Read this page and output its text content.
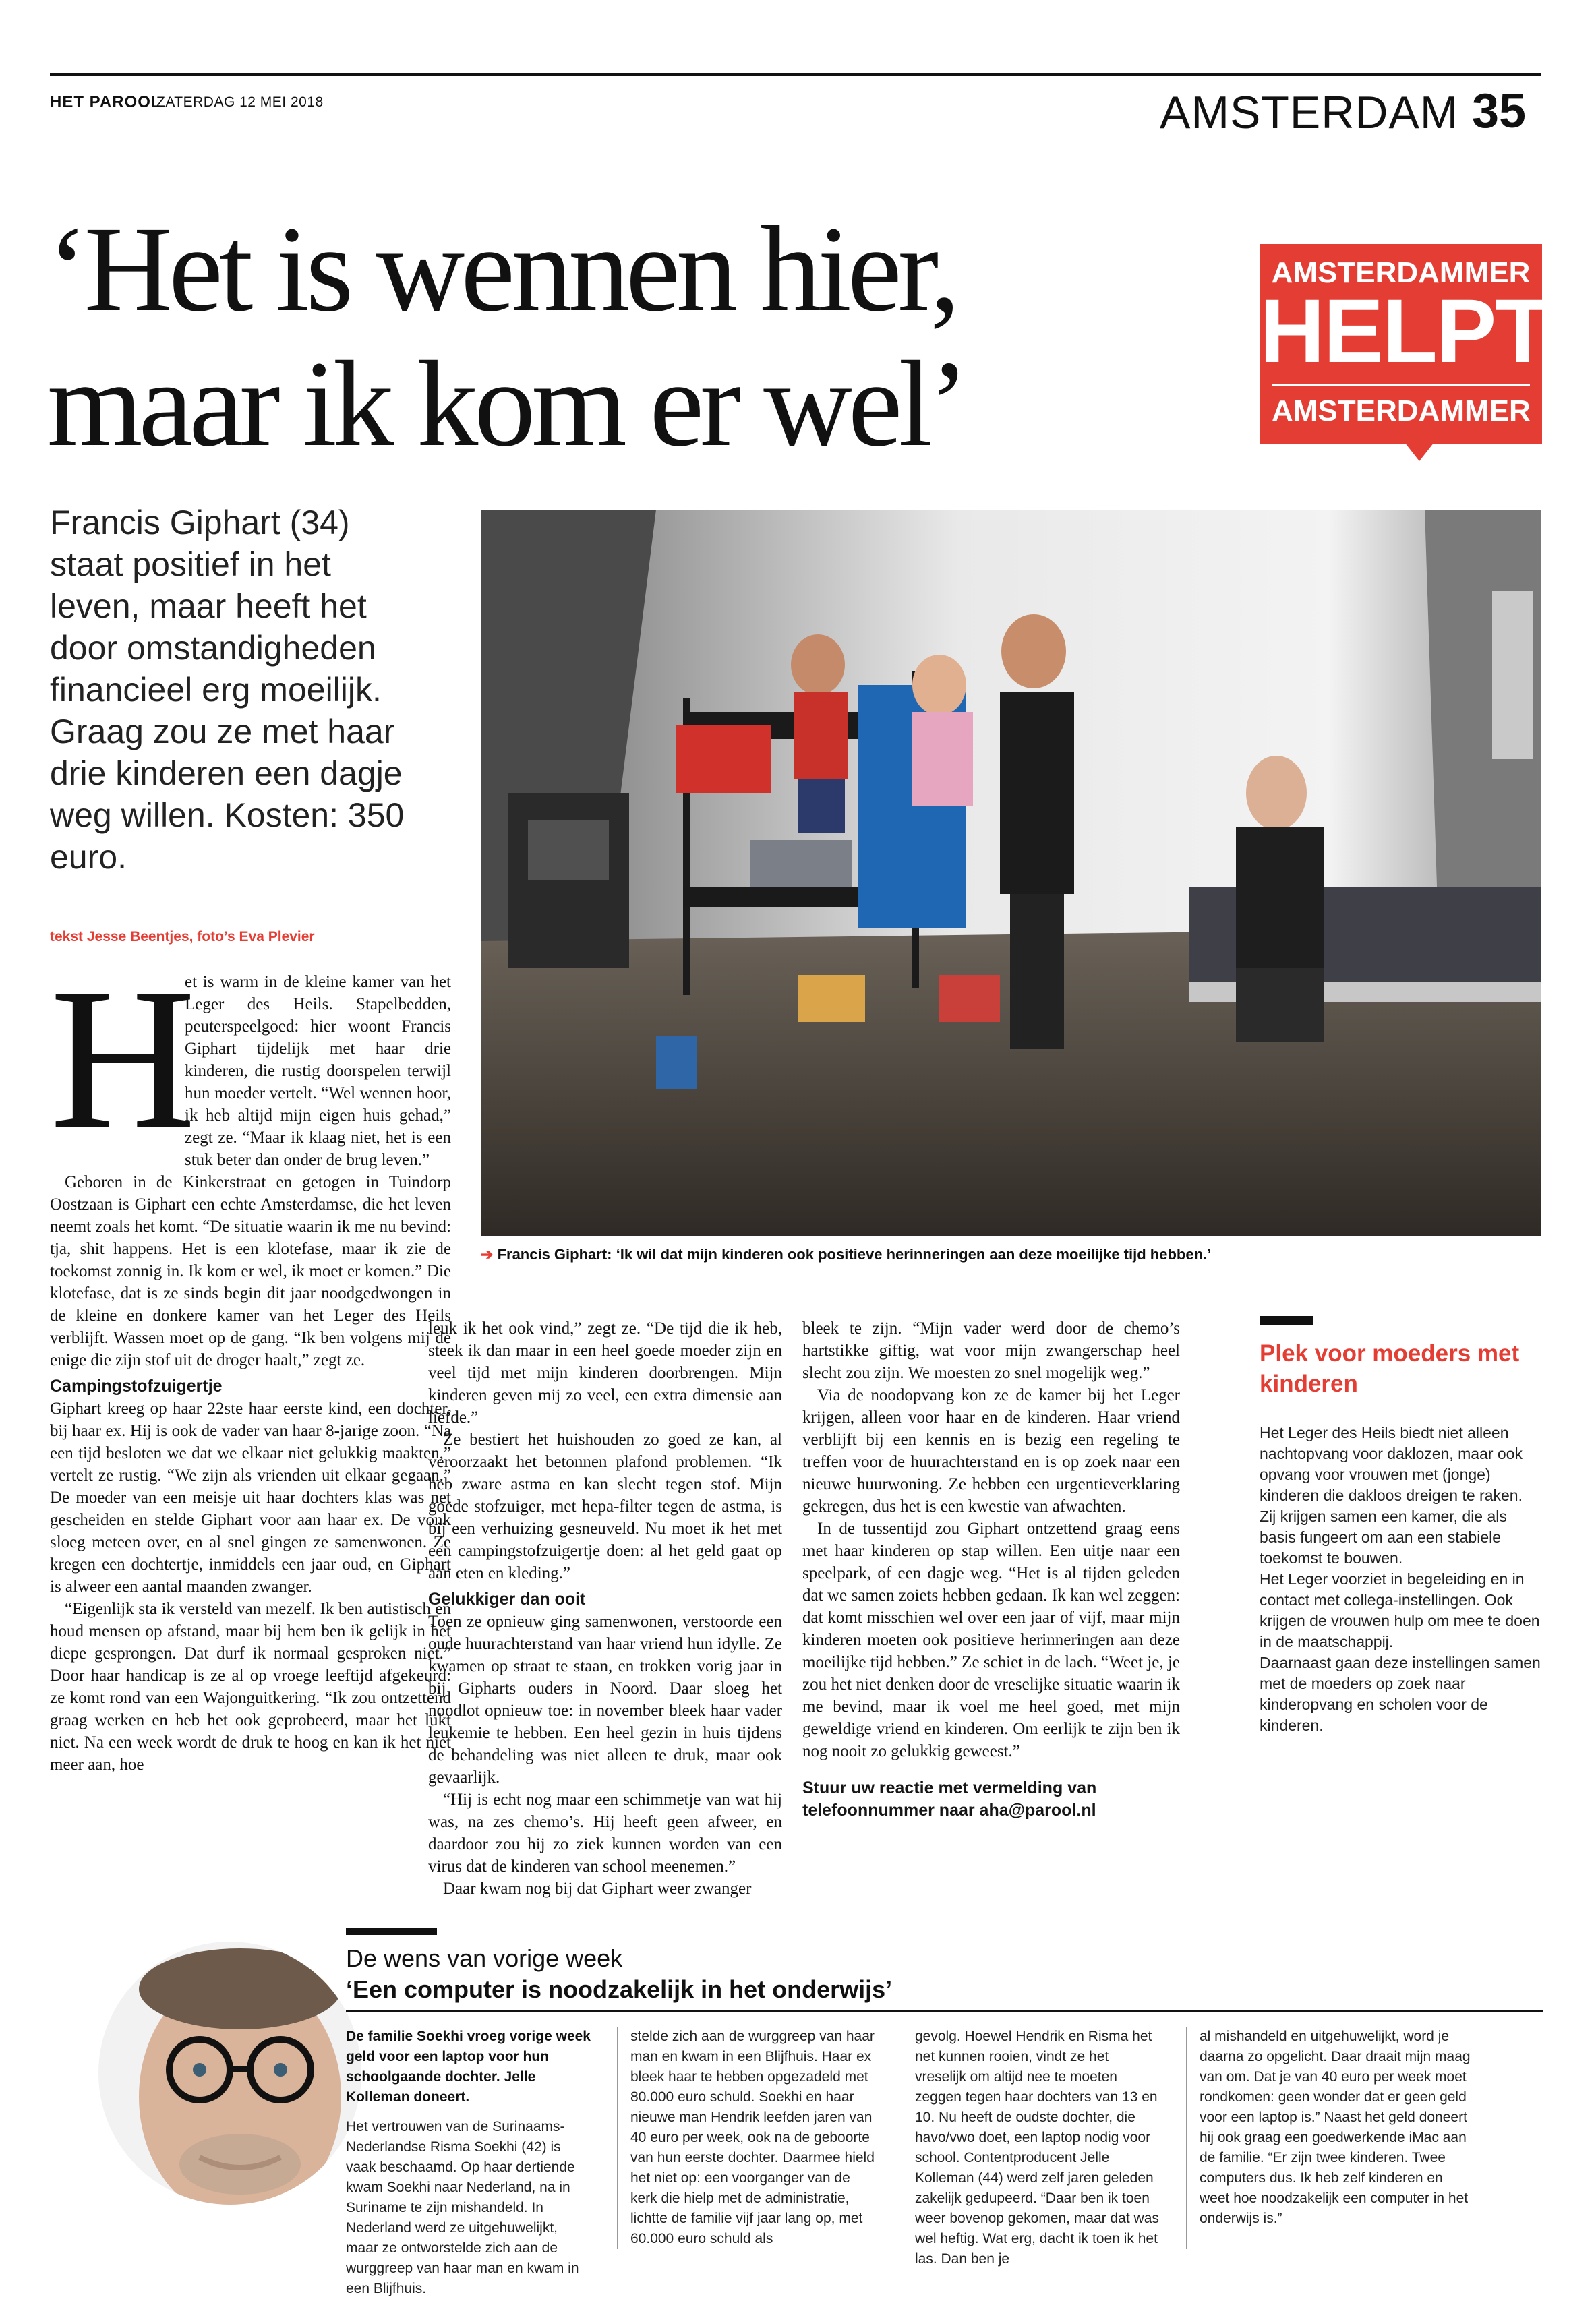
HET PAROOL
ZATERDAG 12 MEI 2018	AMSTERDAM 35
‘Het is wennen hier,
maar ik kom er wel’
AMSTERDAMMER
HELPT
AMSTERDAMMER
Francis Giphart (34) staat positief in het leven, maar heeft het door omstandigheden financieel erg moeilijk. Graag zou ze met haar drie kinderen een dagje weg willen. Kosten: 350 euro.
tekst Jesse Beentjes, foto’s Eva Plevier
H

et is warm in de kleine kamer van het Leger des Heils. Stapelbedden, peuterspeelgoed: hier woont Francis Giphart tijdelijk met haar drie kinderen, die rustig doorspelen terwijl hun moeder vertelt. “Wel wennen hoor, ik heb altijd mijn eigen huis gehad,” zegt ze. “Maar ik klaag niet, het is een stuk beter dan onder de brug leven.”

Geboren in de Kinkerstraat en getogen in Tuindorp Oostzaan is Giphart een echte Amsterdamse, die het leven neemt zoals het komt. “De situatie waarin ik me nu bevind: tja, shit happens. Het is een klotefase, maar ik zie de toekomst zonnig in. Ik kom er wel, ik moet er komen.” Die klotefase, dat is ze sinds begin dit jaar noodgedwongen in de kleine en donkere kamer van het Leger des Heils verblijft. Wassen moet op de gang. “Ik ben volgens mij de enige die zijn stof uit de droger haalt,” zegt ze.

Campingstofzuigertje

Giphart kreeg op haar 22ste haar eerste kind, een dochter, bij haar ex. Hij is ook de vader van haar 8-jarige zoon. “Na een tijd besloten we dat we elkaar niet gelukkig maakten,” vertelt ze rustig. “We zijn als vrienden uit elkaar gegaan.” De moeder van een meisje uit haar dochters klas was net gescheiden en stelde Giphart voor aan haar ex. De vonk sloeg meteen over, en al snel gingen ze samenwonen. Ze kregen een dochtertje, inmiddels een jaar oud, en Giphart is alweer een aantal maanden zwanger.

“Eigenlijk sta ik versteld van mezelf. Ik ben autistisch en houd mensen op afstand, maar bij hem ben ik gelijk in het diepe gesprongen. Dat durf ik normaal gesproken niet.” Door haar handicap is ze al op vroege leeftijd afgekeurd: ze komt rond van een Wajonguitkering. “Ik zou ontzettend graag werken en heb het ook geprobeerd, maar het lukt niet. Na een week wordt de druk te hoog en kan ik het niet meer aan, hoe

➔ Francis Giphart: ‘Ik wil dat mijn kinderen ook positieve herinneringen aan deze moeilijke tijd hebben.’

leuk ik het ook vind,” zegt ze. “De tijd die ik heb, steek ik dan maar in een heel goede moeder zijn en veel tijd met mijn kinderen doorbrengen. Mijn kinderen geven mij zo veel, een extra dimensie aan liefde.”

Ze bestiert het huishouden zo goed ze kan, al veroorzaakt het betonnen plafond problemen. “Ik heb zware astma en kan slecht tegen stof. Mijn goede stofzuiger, met hepa-filter tegen de astma, is bij een verhuizing gesneuveld. Nu moet ik het met een campingstofzuigertje doen: al het geld gaat op aan eten en kleding.”

Gelukkiger dan ooit

Toen ze opnieuw ging samenwonen, verstoorde een oude huurachterstand van haar vriend hun idylle. Ze kwamen op straat te staan, en trokken vorig jaar in bij Gipharts ouders in Noord. Daar sloeg het noodlot opnieuw toe: in november bleek haar vader leukemie te hebben. Een heel gezin in huis tijdens de behandeling was niet alleen te druk, maar ook gevaarlijk.

“Hij is echt nog maar een schimmetje van wat hij was, na zes chemo’s. Hij heeft geen afweer, en daardoor zou hij zo ziek kunnen worden van een virus dat de kinderen van school meenemen.”

Daar kwam nog bij dat Giphart weer zwanger

bleek te zijn. “Mijn vader werd door de chemo’s hartstikke giftig, wat voor mijn zwangerschap heel slecht zou zijn. We moesten zo snel mogelijk weg.”

Via de noodopvang kon ze de kamer bij het Leger krijgen, alleen voor haar en de kinderen. Haar vriend verblijft bij een kennis en is bezig een regeling te treffen voor de huurachterstand en is op zoek naar een nieuwe huurwoning. Ze hebben een urgentieverklaring gekregen, dus het is een kwestie van afwachten.

In de tussentijd zou Giphart ontzettend graag eens met haar kinderen op stap willen. Een uitje naar een speelpark, of een dagje weg. “Het is al tijden geleden dat we samen zoiets hebben gedaan. Ik kan wel zeggen: dat komt misschien wel over een jaar of vijf, maar mijn kinderen moeten ook positieve herinneringen aan deze moeilijke tijd hebben.” Ze schiet in de lach. “Weet je, je zou het niet denken door de vreselijke situatie waarin ik me bevind, maar ik voel me heel goed, met mijn geweldige vriend en kinderen. Om eerlijk te zijn ben ik nog nooit zo gelukkig geweest.”

Stuur uw reactie met vermelding van telefoonnummer naar aha@parool.nl

Plek voor moeders met kinderen

Het Leger des Heils biedt niet alleen nachtopvang voor daklozen, maar ook opvang voor vrouwen met (jonge) kinderen die dakloos dreigen te raken. Zij krijgen samen een kamer, die als basis fungeert om aan een stabiele toekomst te bouwen.

Het Leger voorziet in begeleiding en in contact met collega-instellingen. Ook krijgen de vrouwen hulp om mee te doen in de maatschappij.

Daarnaast gaan deze instellingen samen met de moeders op zoek naar kinderopvang en scholen voor de kinderen.

De wens van vorige week
‘Een computer is noodzakelijk in het onderwijs’

De familie Soekhi vroeg vorige week geld voor een laptop voor hun schoolgaande dochter. Jelle Kolleman doneert.

Het vertrouwen van de Surinaams-Nederlandse Risma Soekhi (42) is vaak beschaamd. Op haar dertiende kwam Soekhi naar Nederland, na in Suriname te zijn mishandeld. In Nederland werd ze uitgehuwelijkt, maar ze ontworstelde zich aan de wurggreep van haar man en kwam in een Blijfhuis.

stelde zich aan de wurggreep van haar man en kwam in een Blijfhuis. Haar ex bleek haar te hebben opgezadeld met 80.000 euro schuld. Soekhi en haar nieuwe man Hendrik leefden jaren van 40 euro per week, ook na de geboorte van hun eerste dochter. Daarmee hield het niet op: een voorganger van de kerk die hielp met de administratie, lichtte de familie vijf jaar lang op, met 60.000 euro schuld als

gevolg. Hoewel Hendrik en Risma het net kunnen rooien, vindt ze het vreselijk om altijd nee te moeten zeggen tegen haar dochters van 13 en 10. Nu heeft de oudste dochter, die havo/vwo doet, een laptop nodig voor school. Contentproducent Jelle Kolleman (44) werd zelf jaren geleden zakelijk gedupeerd. “Daar ben ik toen weer bovenop gekomen, maar dat was wel heftig. Wat erg, dacht ik toen ik het las. Dan ben je

al mishandeld en uitgehuwelijkt, word je daarna zo opgelicht. Daar draait mijn maag van om. Dat je van 40 euro per week moet rondkomen: geen wonder dat er geen geld voor een laptop is.” Naast het geld doneert hij ook graag een goedwerkende iMac aan de familie. “Er zijn twee kinderen. Twee computers dus. Ik heb zelf kinderen en weet hoe noodzakelijk een computer in het onderwijs is.”
